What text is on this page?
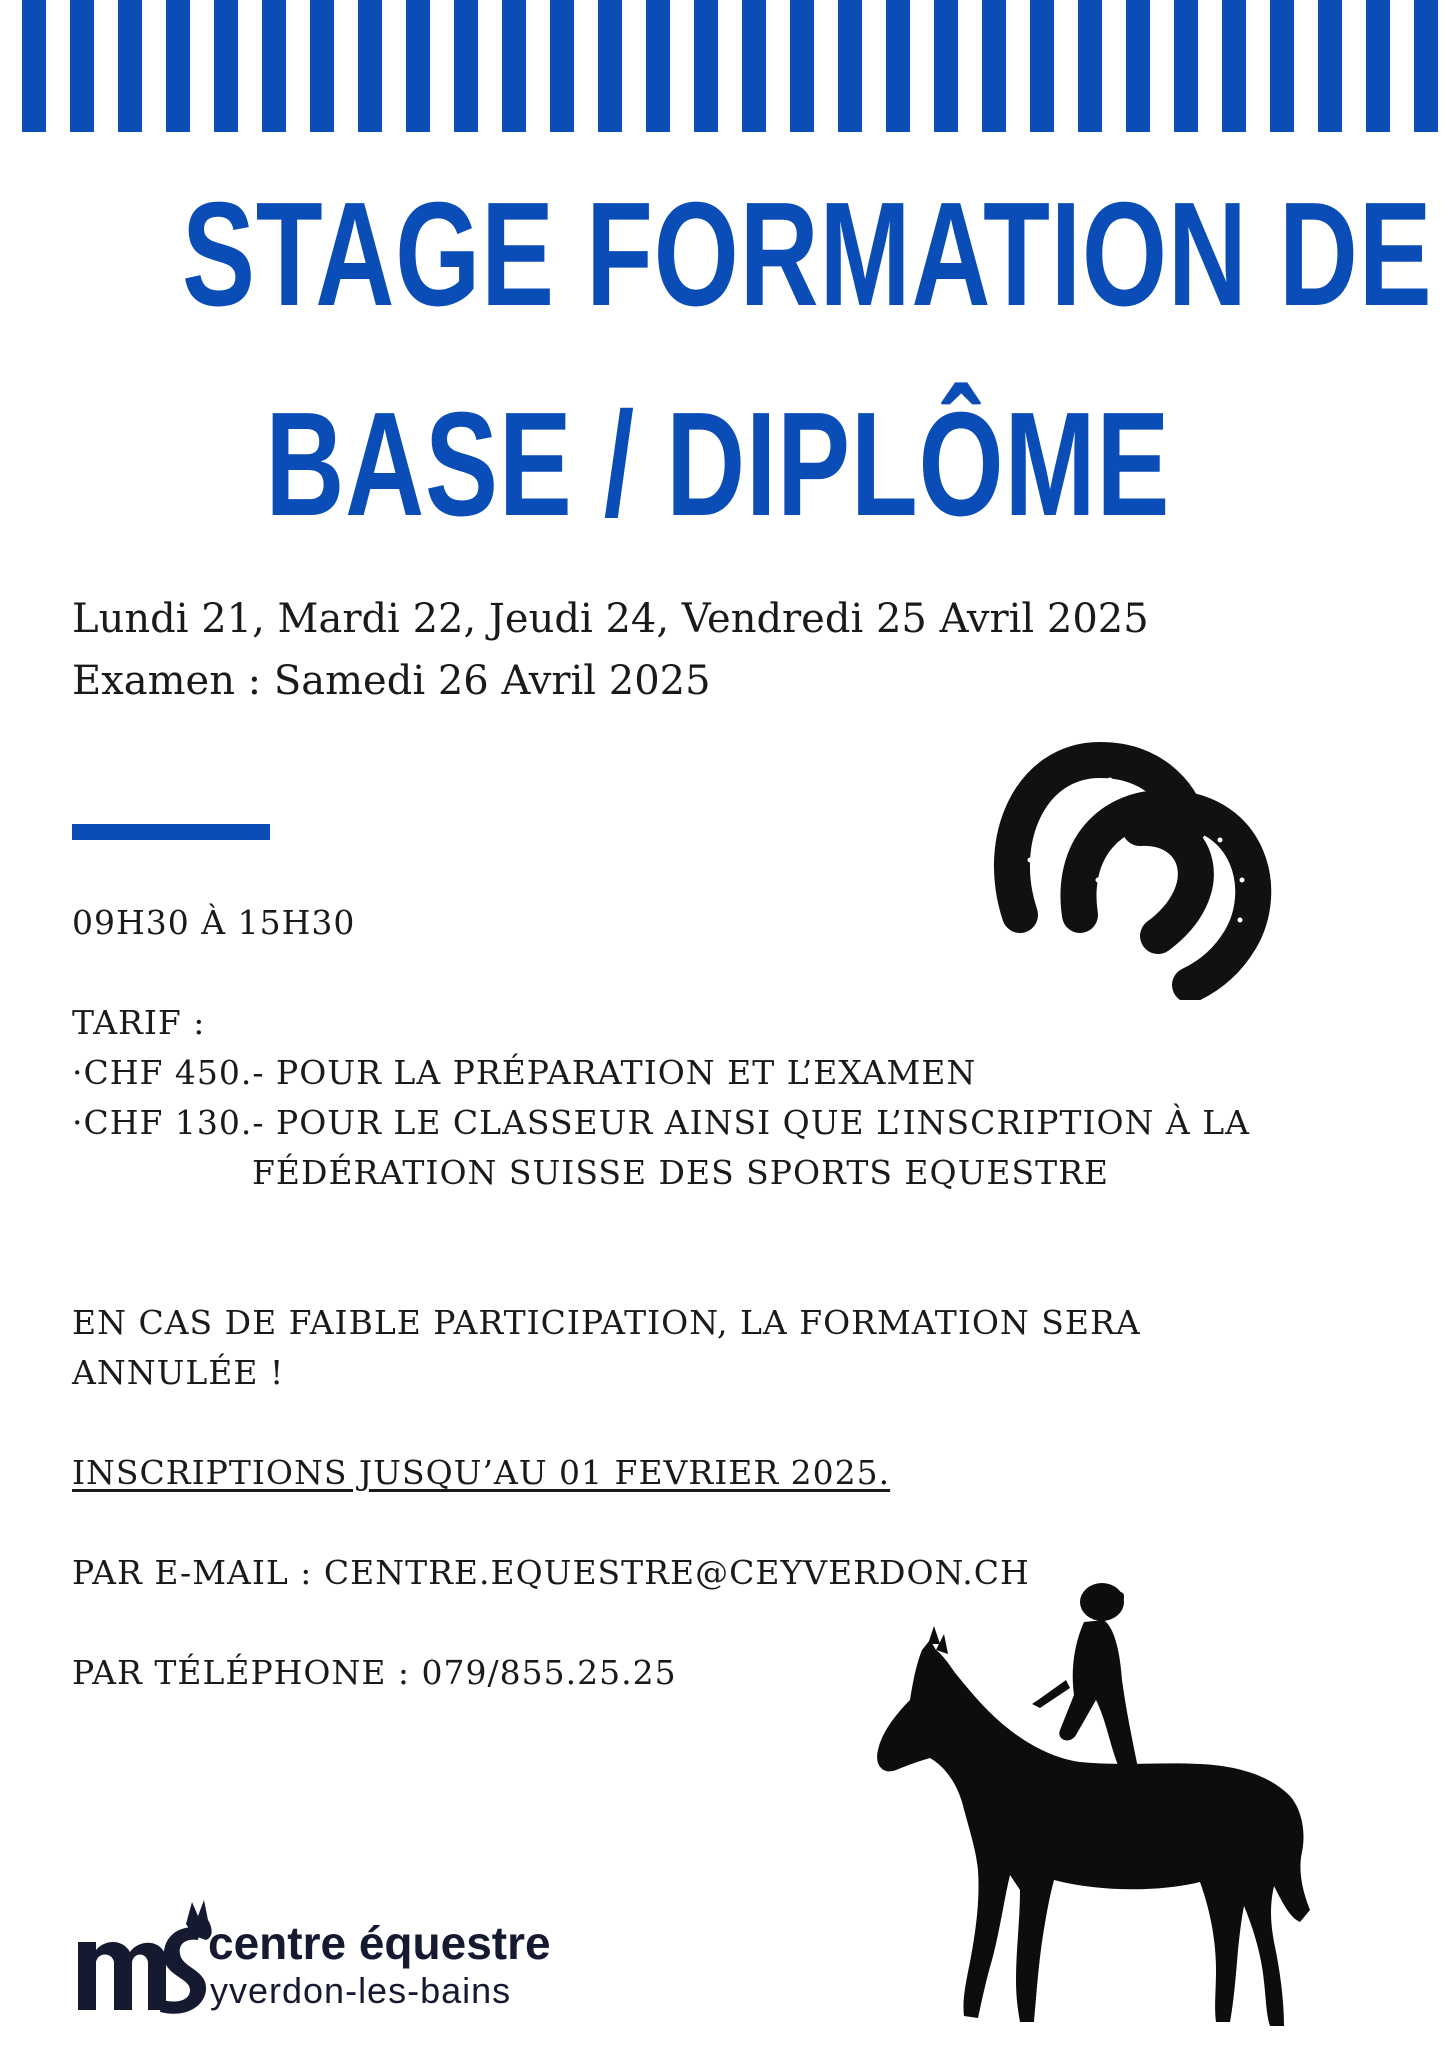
STAGE FORMATION DE
BASE / DIPLÔME
Lundi 21, Mardi 22, Jeudi 24, Vendredi 25 Avril 2025
Examen : Samedi 26 Avril 2025
09H30 À 15H30
TARIF :
·CHF 450.- POUR LA PRÉPARATION ET L’EXAMEN
·CHF 130.- POUR LE CLASSEUR AINSI QUE L’INSCRIPTION À LA
FÉDÉRATION SUISSE DES SPORTS EQUESTRE
EN CAS DE FAIBLE PARTICIPATION, LA FORMATION SERA
ANNULÉE !
INSCRIPTIONS JUSQU’AU 01 FEVRIER 2025.
PAR E-MAIL : CENTRE.EQUESTRE@CEYVERDON.CH
PAR TÉLÉPHONE : 079/855.25.25
centre équestre
yverdon-les-bains
